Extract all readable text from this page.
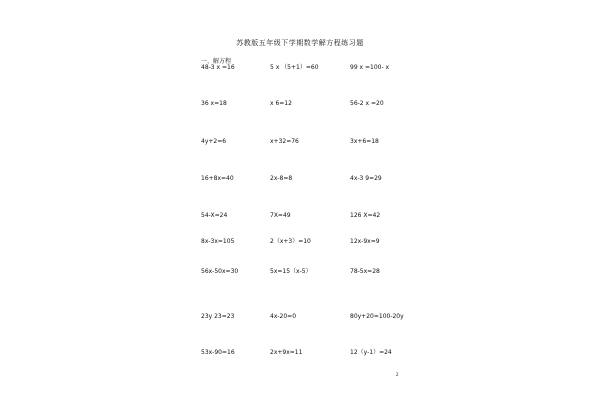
苏教版五年级下学期数学解方程练习题
一、解方程
48-3 x =16	5 x （5+1）=60	99 x =100- x
36 x=18	x 6=12	56-2 x =20
4y+2=6	x+32=76	3x+6=18
16+8x=40	2x-8=8	4x-3 9=29
54-X=24	7X=49	126 X=42
8x-3x=105	2（x+3）=10	12x-9x=9
56x-50x=30	5x=15（x-5）	78-5x=28
23y 23=23	4x-20=0	80y+20=100-20y
53x-90=16	2x+9x=11	12（y-1）=24
2
